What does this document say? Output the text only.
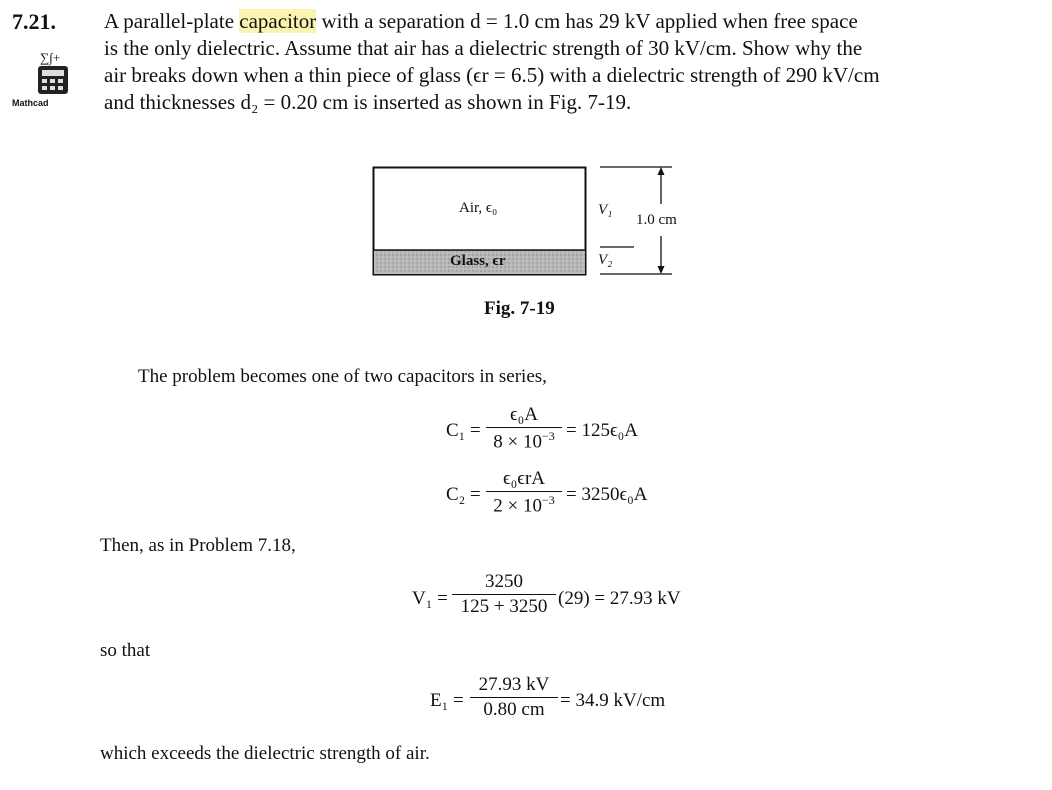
7.21. A parallel-plate capacitor with a separation d = 1.0 cm has 29 kV applied when free space
is the only dielectric. Assume that air has a dielectric strength of 30 kV/cm. Show why the
air breaks down when a thin piece of glass (ϵr = 6.5) with a dielectric strength of 290 kV/cm
and thicknesses d₂ = 0.20 cm is inserted as shown in Fig. 7-19.
∑∫+
Mathcad
Air, ϵ₀
Glass, ϵr
V₁
V₂
1.0 cm
Fig. 7-19
The problem becomes one of two capacitors in series,
C₁ =
ϵ₀A
$8 \times 10^{-3} = 125\epsilon_0A$
C₂ =
ϵ₀ϵrA
$2 \times 10^{-3} = 3250\epsilon_0A$
Then, as in Problem 7.18,
V₁ =
3250
125 + 3250 (29) = 27.93 kV
so that
E₁ =
27.93 kV
0.80 cm = 34.9 kV/cm
which exceeds the dielectric strength of air.
